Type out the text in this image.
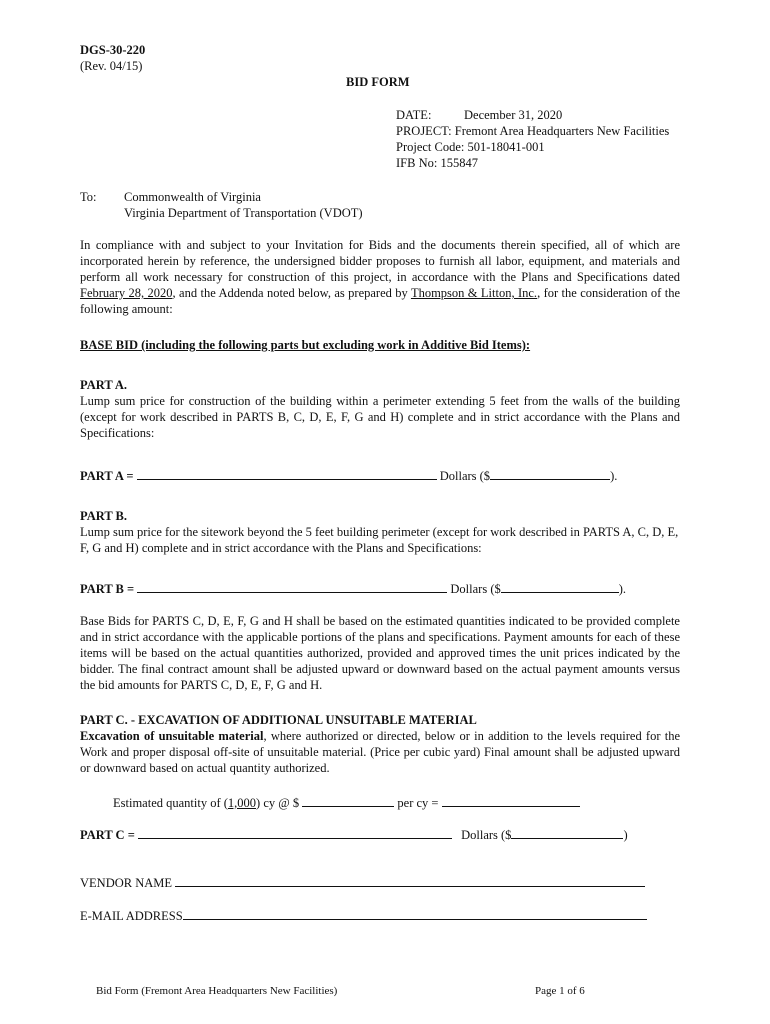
DGS-30-220
(Rev. 04/15)
BID FORM
DATE:	December 31, 2020
PROJECT: Fremont Area Headquarters New Facilities
Project Code: 501-18041-001
IFB No: 155847
To: Commonwealth of Virginia
Virginia Department of Transportation (VDOT)

In compliance with and subject to your Invitation for Bids and the documents therein specified, all of which are incorporated herein by reference, the undersigned bidder proposes to furnish all labor, equipment, and materials and perform all work necessary for construction of this project, in accordance with the Plans and Specifications dated February 28, 2020, and the Addenda noted below, as prepared by Thompson & Litton, Inc., for the consideration of the following amount:

BASE BID (including the following parts but excluding work in Additive Bid Items):
PART A.

Lump sum price for construction of the building within a perimeter extending 5 feet from the walls of the building (except for work described in PARTS B, C, D, E, F, G and H) complete and in strict accordance with the Plans and Specifications:

PART A =	Dollars ($	).
PART B.

Lump sum price for the sitework beyond the 5 feet building perimeter (except for work described in PARTS A, C, D, E, F, G and H) complete and in strict accordance with the Plans and Specifications:

PART B =	Dollars ($	).

Base Bids for PARTS C, D, E, F, G and H shall be based on the estimated quantities indicated to be provided complete and in strict accordance with the applicable portions of the plans and specifications. Payment amounts for each of these items will be based on the actual quantities authorized, provided and approved times the unit prices indicated by the bidder. The final contract amount shall be adjusted upward or downward based on the actual payment amounts versus the bid amounts for PARTS C, D, E, F, G and H.

PART C. - EXCAVATION OF ADDITIONAL UNSUITABLE MATERIAL

Excavation of unsuitable material, where authorized or directed, below or in addition to the levels required for the Work and proper disposal off-site of unsuitable material. (Price per cubic yard) Final amount shall be adjusted upward or downward based on actual quantity authorized.

Estimated quantity of (1,000) cy @ $	per cy =
PART C =	Dollars ($	)
VENDOR NAME
E-MAIL ADDRESS
Bid Form (Fremont Area Headquarters New Facilities)	Page 1 of 6
